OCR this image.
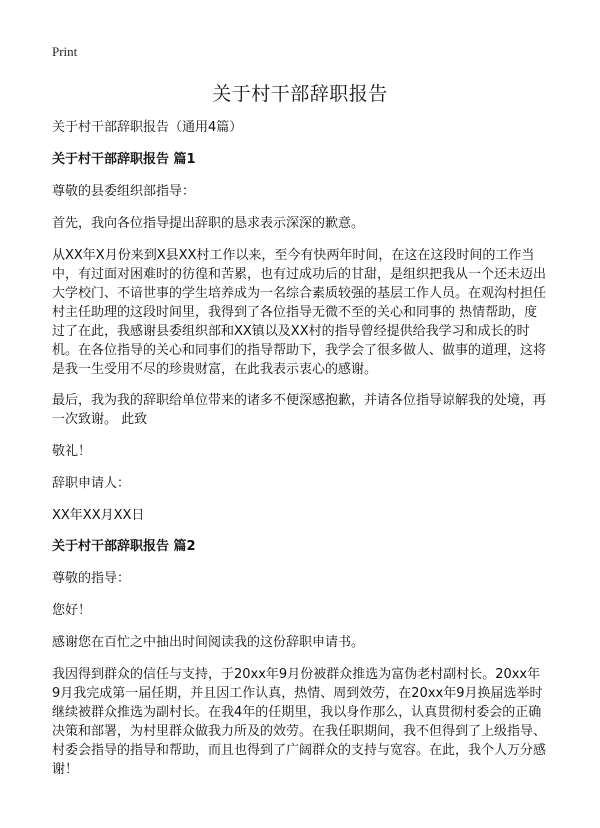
Print
关于村干部辞职报告

关于村干部辞职报告（通用4篇）

关于村干部辞职报告 篇1

尊敬的县委组织部指导：

首先，我向各位指导提出辞职的恳求表示深深的歉意。

从XX年X月份来到X县XX村工作以来，至今有快两年时间，在这在这段时间的工作当中，有过面对困难时的彷徨和苦累，也有过成功后的甘甜，是组织把我从一个还未迈出大学校门、不谙世事的学生培养成为一名综合素质较强的基层工作人员。在观沟村担任村主任助理的这段时间里，我得到了各位指导无微不至的关心和同事的 热情帮助，度过了在此，我感谢县委组织部和XX镇以及XX村的指导曾经提供给我学习和成长的时机。在各位指导的关心和同事们的指导帮助下，我学会了很多做人、做事的道理，这将是我一生受用不尽的珍贵财富，在此我表示衷心的感谢。

最后，我为我的辞职给单位带来的诸多不便深感抱歉，并请各位指导谅解我的处境，再一次致谢。 此致

敬礼！

辞职申请人：

XX年XX月XX日

关于村干部辞职报告 篇2

尊敬的指导：

您好！

感谢您在百忙之中抽出时间阅读我的这份辞职申请书。

我因得到群众的信任与支持，于20xx年9月份被群众推选为富伪老村副村长。20xx年9月我完成第一届任期，并且因工作认真，热情、周到效劳，在20xx年9月换届选举时继续被群众推选为副村长。在我4年的任期里，我以身作那么，认真贯彻村委会的正确决策和部署，为村里群众做我力所及的效劳。在我任职期间，我不但得到了上级指导、村委会指导的指导和帮助，而且也得到了广阔群众的支持与宽容。在此，我个人万分感谢！
